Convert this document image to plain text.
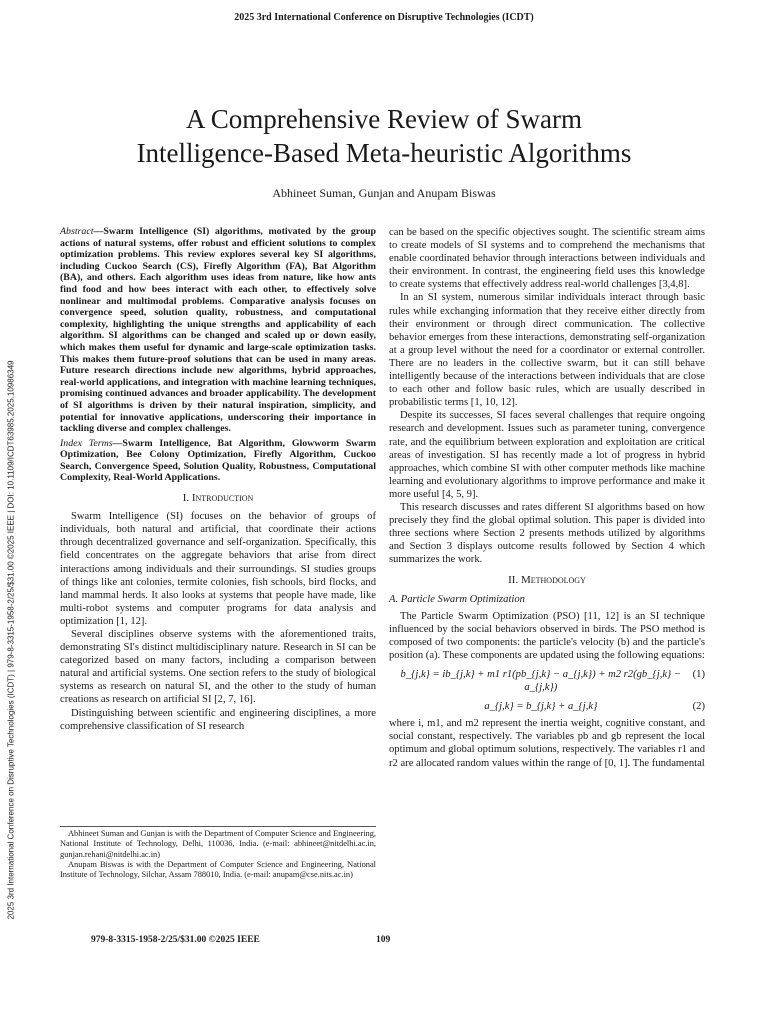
2025 3rd International Conference on Disruptive Technologies (ICDT)
A Comprehensive Review of Swarm
Intelligence-Based Meta-heuristic Algorithms
Abhineet Suman, Gunjan and Anupam Biswas
2025 3rd International Conference on Disruptive Technologies (ICDT) | 979-8-3315-1958-2/25/$31.00 ©2025 IEEE | DOI: 10.1109/ICDT63985.2025.10986349
Abstract—Swarm Intelligence (SI) algorithms, motivated by the group actions of natural systems, offer robust and efficient solutions to complex optimization problems. This review explores several key SI algorithms, including Cuckoo Search (CS), Firefly Algorithm (FA), Bat Algorithm (BA), and others. Each algorithm uses ideas from nature, like how ants find food and how bees interact with each other, to effectively solve nonlinear and multimodal problems. Comparative analysis focuses on convergence speed, solution quality, robustness, and computational complexity, highlighting the unique strengths and applicability of each algorithm. SI algorithms can be changed and scaled up or down easily, which makes them useful for dynamic and large-scale optimization tasks. This makes them future-proof solutions that can be used in many areas. Future research directions include new algorithms, hybrid approaches, real-world applications, and integration with machine learning techniques, promising continued advances and broader applicability. The development of SI algorithms is driven by their natural inspiration, simplicity, and potential for innovative applications, underscoring their importance in tackling diverse and complex challenges.
Index Terms—Swarm Intelligence, Bat Algorithm, Glowworm Swarm Optimization, Bee Colony Optimization, Firefly Algorithm, Cuckoo Search, Convergence Speed, Solution Quality, Robustness, Computational Complexity, Real-World Applications.
I. Introduction

Swarm Intelligence (SI) focuses on the behavior of groups of individuals, both natural and artificial, that coordinate their actions through decentralized governance and self-organization. Specifically, this field concentrates on the aggregate behaviors that arise from direct interactions among individuals and their surroundings. SI studies groups of things like ant colonies, termite colonies, fish schools, bird flocks, and land mammal herds. It also looks at systems that people have made, like multi-robot systems and computer programs for data analysis and optimization [1, 12].

Several disciplines observe systems with the aforementioned traits, demonstrating SI's distinct multidisciplinary nature. Research in SI can be categorized based on many factors, including a comparison between natural and artificial systems. One section refers to the study of biological systems as research on natural SI, and the other to the study of human creations as research on artificial SI [2, 7, 16].

Distinguishing between scientific and engineering disciplines, a more comprehensive classification of SI research

Abhineet Suman and Gunjan is with the Department of Computer Science and Engineering, National Institute of Technology, Delhi, 110036, India. (e-mail: abhineet@nitdelhi.ac.in, gunjan.rehani@nitdelhi.ac.in)

Anupam Biswas is with the Department of Computer Science and Engineering, National Institute of Technology, Silchar, Assam 788010, India. (e-mail: anupam@cse.nits.ac.in)

can be based on the specific objectives sought. The scientific stream aims to create models of SI systems and to comprehend the mechanisms that enable coordinated behavior through interactions between individuals and their environment. In contrast, the engineering field uses this knowledge to create systems that effectively address real-world challenges [3,4,8].

In an SI system, numerous similar individuals interact through basic rules while exchanging information that they receive either directly from their environment or through direct communication. The collective behavior emerges from these interactions, demonstrating self-organization at a group level without the need for a coordinator or external controller. There are no leaders in the collective swarm, but it can still behave intelligently because of the interactions between individuals that are close to each other and follow basic rules, which are usually described in probabilistic terms [1, 10, 12].

Despite its successes, SI faces several challenges that require ongoing research and development. Issues such as parameter tuning, convergence rate, and the equilibrium between exploration and exploitation are critical areas of investigation. SI has recently made a lot of progress in hybrid approaches, which combine SI with other computer methods like machine learning and evolutionary algorithms to improve performance and make it more useful [4, 5, 9].

This research discusses and rates different SI algorithms based on how precisely they find the global optimal solution. This paper is divided into three sections where Section 2 presents methods utilized by algorithms and Section 3 displays outcome results followed by Section 4 which summarizes the work.

II. Methodology
A. Particle Swarm Optimization

The Particle Swarm Optimization (PSO) [11, 12] is an SI technique influenced by the social behaviors observed in birds. The PSO method is composed of two components: the particle's velocity (b) and the particle's position (a). These components are updated using the following equations:

b_{j,k} = ib_{j,k} + m1 r1(pb_{j,k} − a_{j,k}) + m2 r2(gb_{j,k} − a_{j,k})
(1)
a_{j,k} = b_{j,k} + a_{j,k}	(2)

where i, m1, and m2 represent the inertia weight, cognitive constant, and social constant, respectively. The variables pb and gb represent the local optimum and global optimum solutions, respectively. The variables r1 and r2 are allocated random values within the range of [0, 1]. The fundamental

979-8-3315-1958-2/25/$31.00 ©2025 IEEE	109
